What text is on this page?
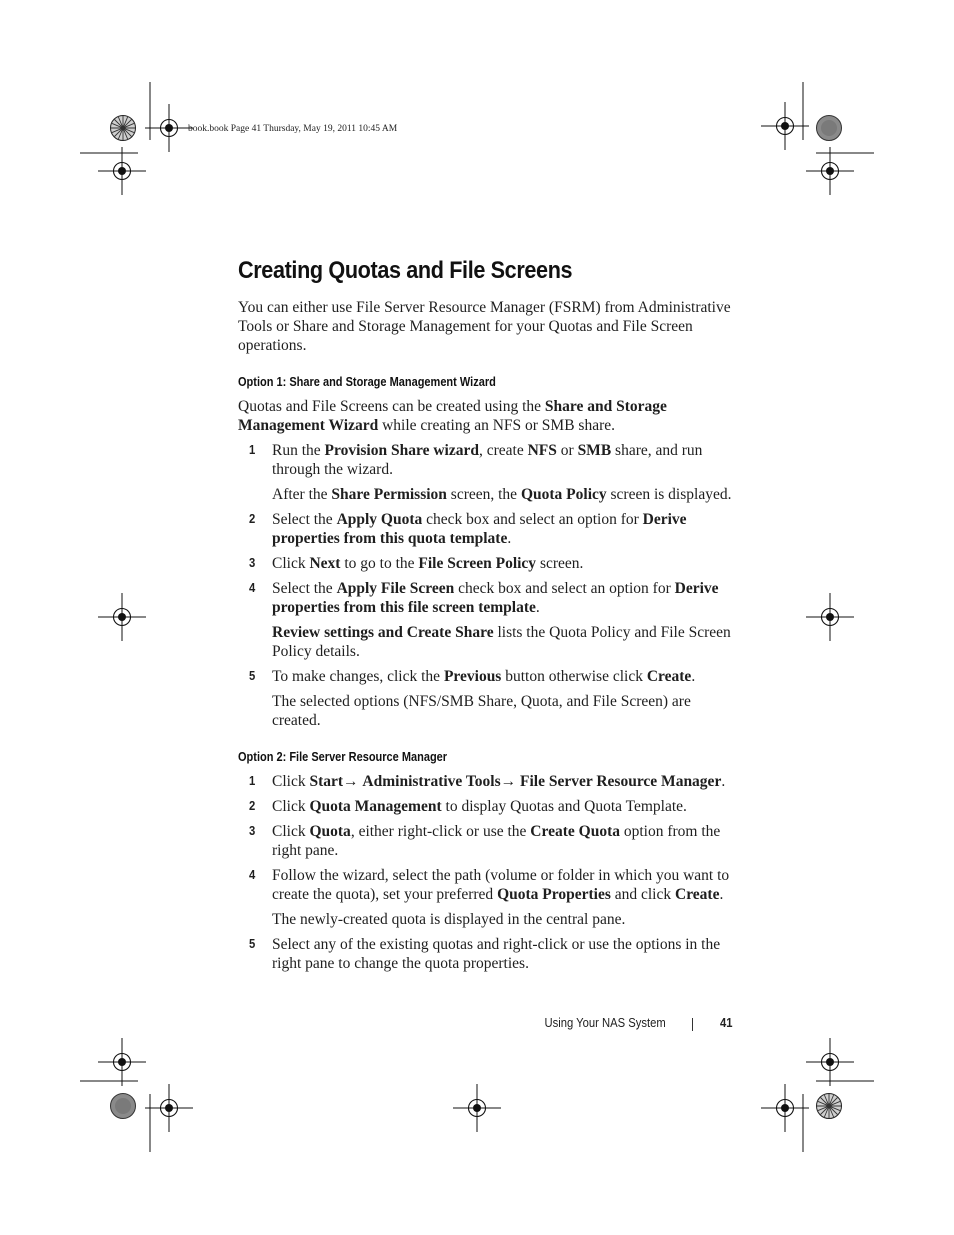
book.book Page 41 Thursday, May 19, 2011 10:45 AM
Creating Quotas and File Screens

You can either use File Server Resource Manager (FSRM) from Administrative Tools or Share and Storage Management for your Quotas and File Screen operations.

Option 1: Share and Storage Management Wizard

Quotas and File Screens can be created using the Share and Storage Management Wizard while creating an NFS or SMB share.

1 Run the Provision Share wizard, create NFS or SMB share, and run through the wizard.

After the Share Permission screen, the Quota Policy screen is displayed.

2 Select the Apply Quota check box and select an option for Derive properties from this quota template.

3 Click Next to go to the File Screen Policy screen.

4 Select the Apply File Screen check box and select an option for Derive properties from this file screen template.

Review settings and Create Share lists the Quota Policy and File Screen Policy details.

5 To make changes, click the Previous button otherwise click Create.

The selected options (NFS/SMB Share, Quota, and File Screen) are created.

Option 2: File Server Resource Manager
1 Click Start→ Administrative Tools→ File Server Resource Manager.

2 Click Quota Management to display Quotas and Quota Template.

3 Click Quota, either right-click or use the Create Quota option from the right pane.

4 Follow the wizard, select the path (volume or folder in which you want to create the quota), set your preferred Quota Properties and click Create.

The newly-created quota is displayed in the central pane.

5 Select any of the existing quotas and right-click or use the options in the right pane to change the quota properties.

Using Your NAS System	41
